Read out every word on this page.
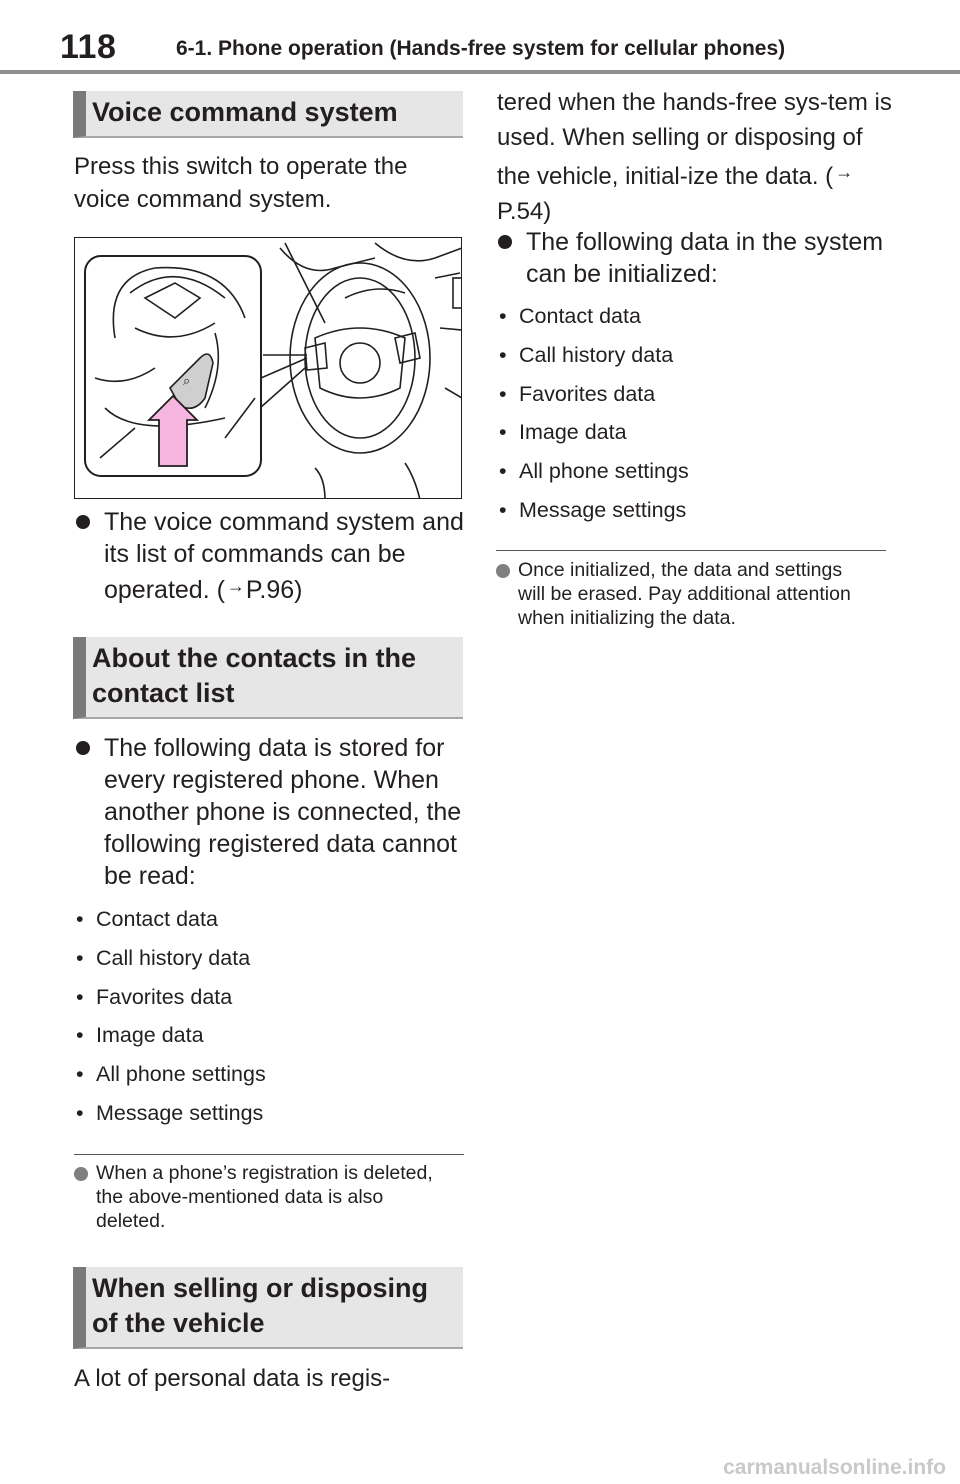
118	6-1. Phone operation (Hands-free system for cellular phones)
Voice command system
Press this switch to operate the voice command system.
⌕
The voice command system and its list of commands can be operated. ( →P.96)
About the contacts in the contact list
The following data is stored for every registered phone. When another phone is connected, the following registered data cannot be read:
• Contact data
• Call history data
• Favorites data
• Image data
• All phone settings
• Message settings
When a phone’s registration is deleted, the above-mentioned data is also deleted.
When selling or disposing of the vehicle
A lot of personal data is regis-
tered when the hands-free sys-tem is used. When selling or disposing of the vehicle, initial-ize the data. ( →P.54)
The following data in the system can be initialized:
• Contact data
• Call history data
• Favorites data
• Image data
• All phone settings
• Message settings
Once initialized, the data and settings will be erased. Pay additional attention when initializing the data.
carmanualsonline.info
